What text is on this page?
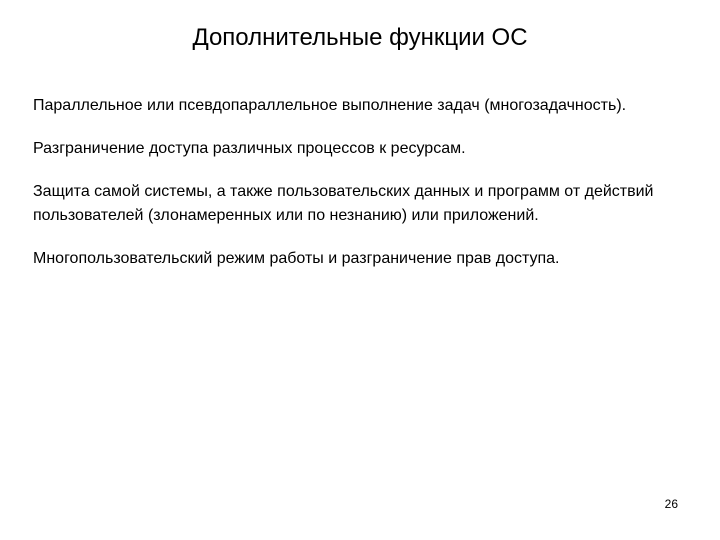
Дополнительные функции ОС

Параллельное или псевдопараллельное выполнение задач (многозадачность).

Разграничение доступа различных процессов к ресурсам.

Защита самой системы, а также пользовательских данных и программ от действий пользователей (злонамеренных или по незнанию) или приложений.

Многопользовательский режим работы и разграничение прав доступа.

26
